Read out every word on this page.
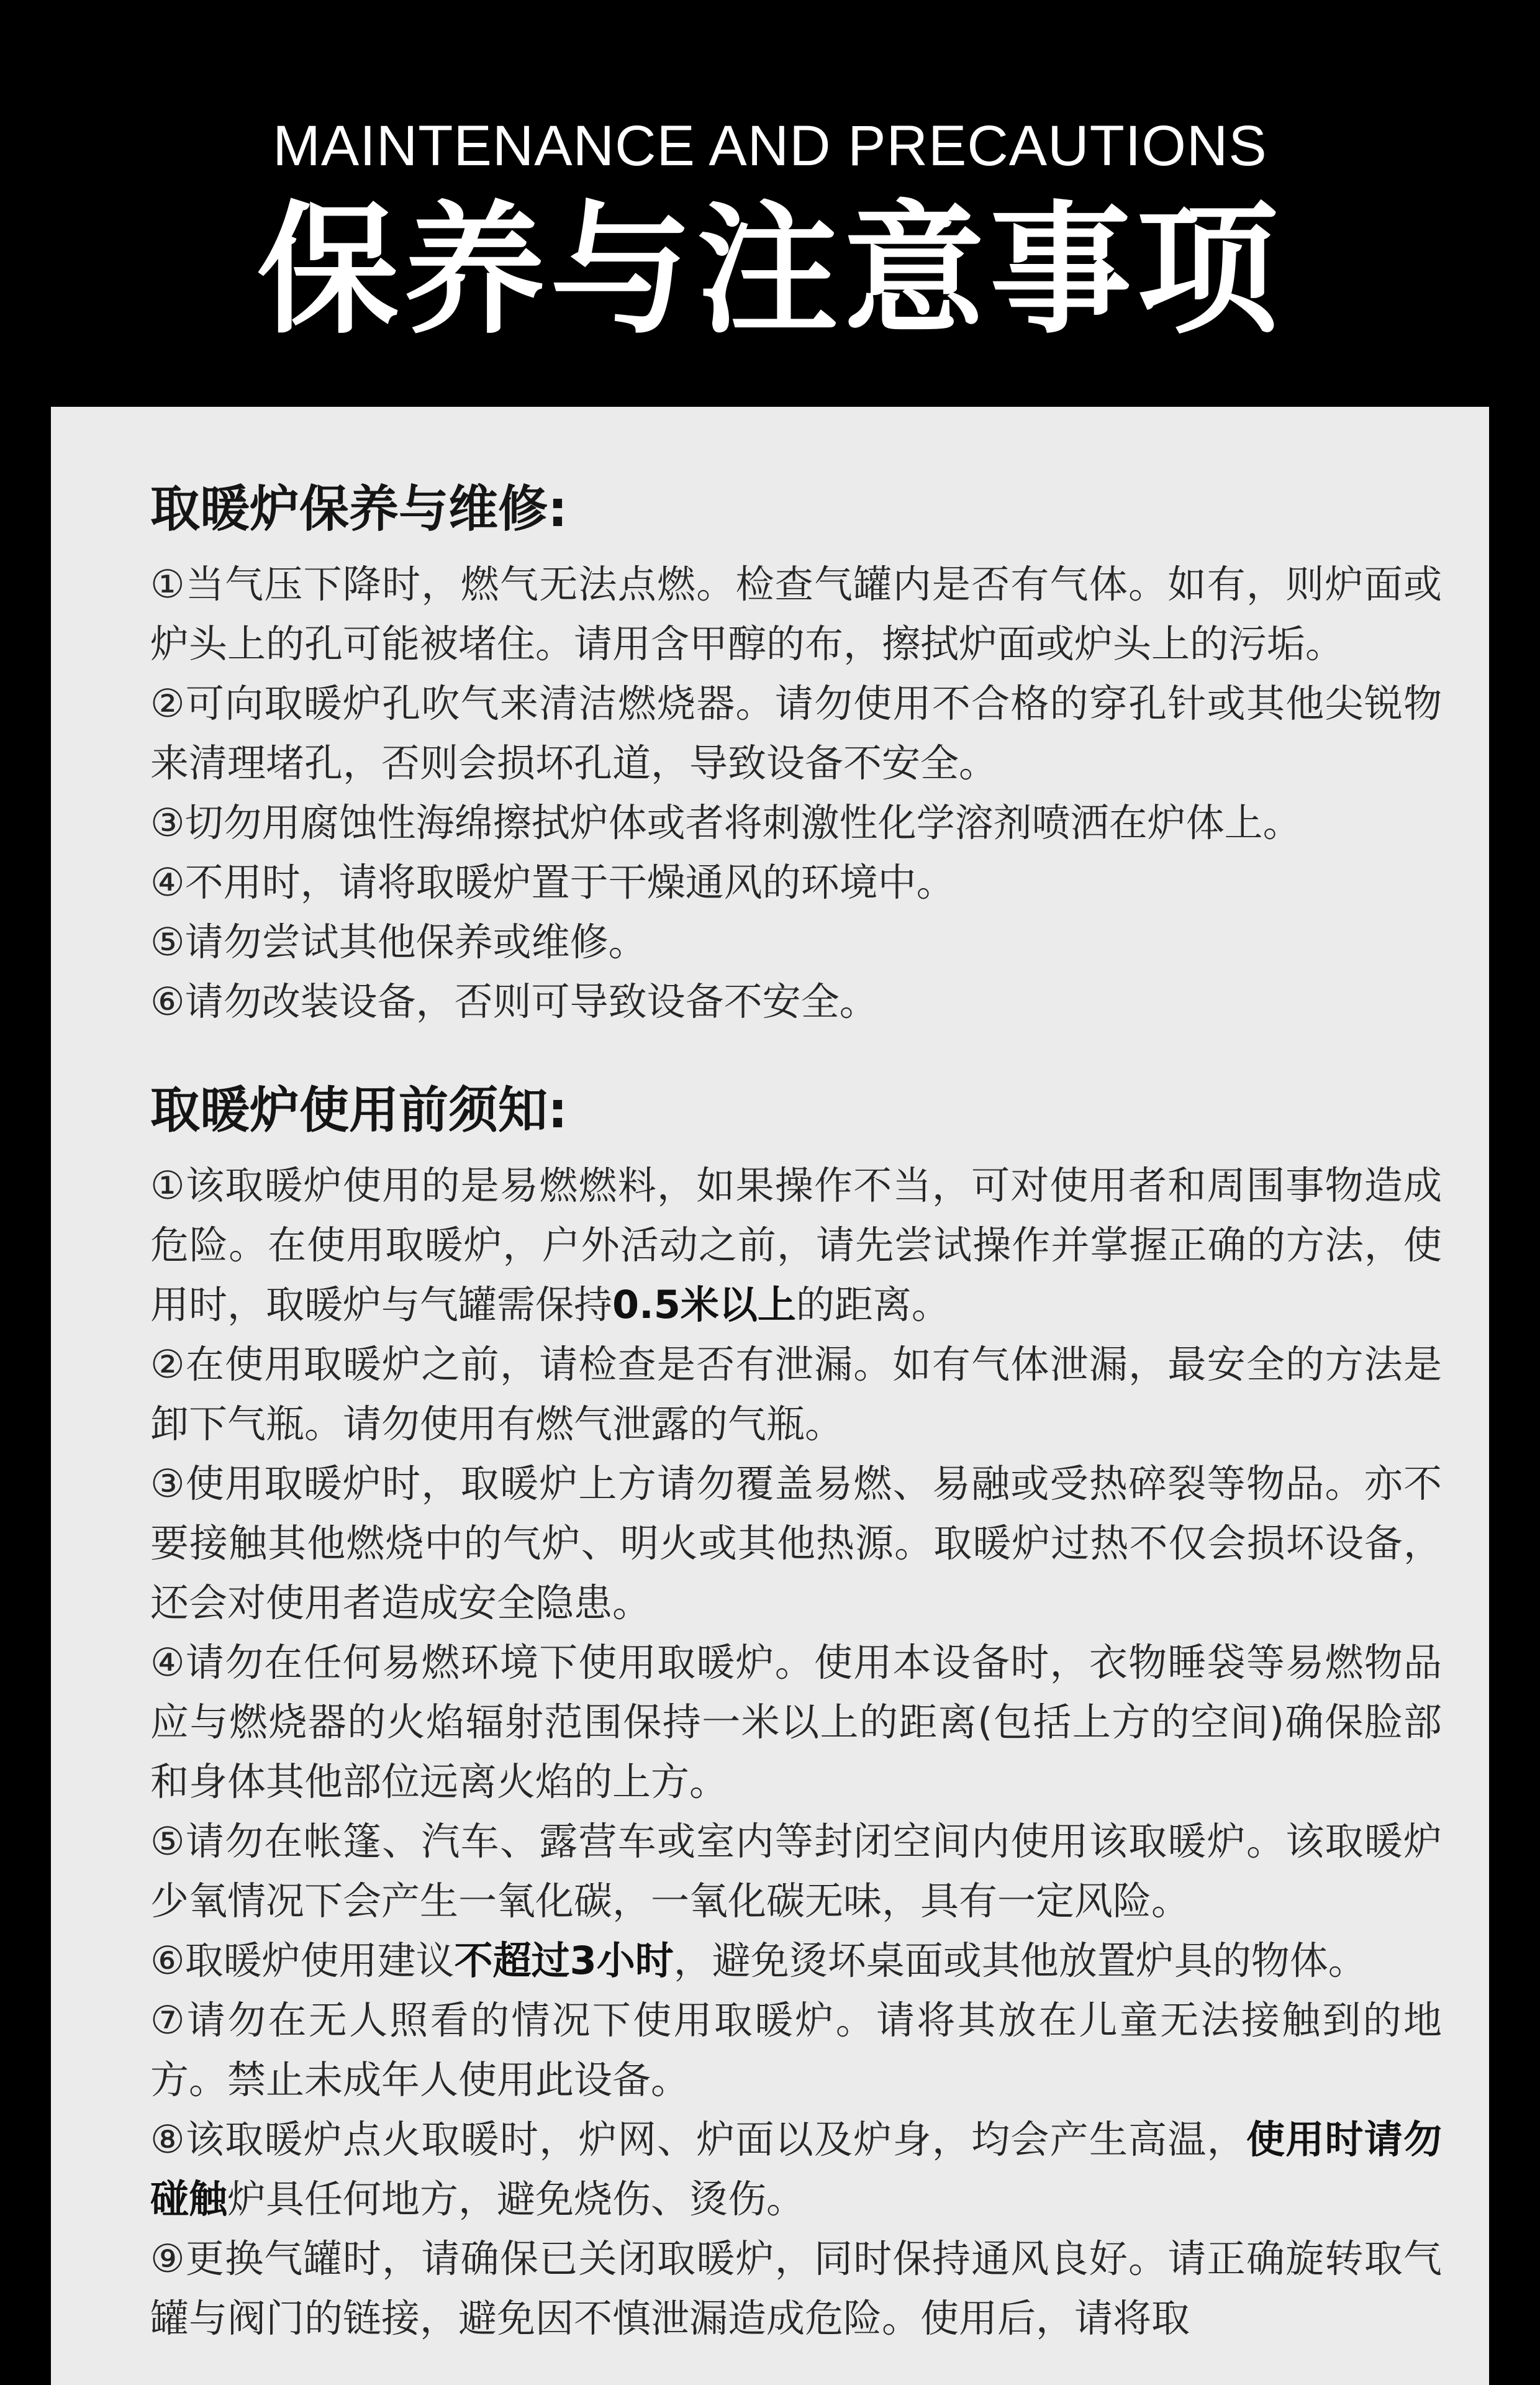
MAINTENANCE AND PRECAUTIONS
保养与注意事项
取暖炉保养与维修:

①当气压下降时，燃气无法点燃。检查气罐内是否有气体。如有，则炉面或炉头上的孔可能被堵住。请用含甲醇的布，擦拭炉面或炉头上的污垢。

②可向取暖炉孔吹气来清洁燃烧器。请勿使用不合格的穿孔针或其他尖锐物来清理堵孔，否则会损坏孔道，导致设备不安全。

③切勿用腐蚀性海绵擦拭炉体或者将刺激性化学溶剂喷洒在炉体上。

④不用时，请将取暖炉置于干燥通风的环境中。

⑤请勿尝试其他保养或维修。

⑥请勿改装设备，否则可导致设备不安全。

取暖炉使用前须知:

①该取暖炉使用的是易燃燃料，如果操作不当，可对使用者和周围事物造成危险。在使用取暖炉，户外活动之前，请先尝试操作并掌握正确的方法，使用时，取暖炉与气罐需保持0.5米以上的距离。

②在使用取暖炉之前，请检查是否有泄漏。如有气体泄漏，最安全的方法是卸下气瓶。请勿使用有燃气泄露的气瓶。

③使用取暖炉时，取暖炉上方请勿覆盖易燃、易融或受热碎裂等物品。亦不要接触其他燃烧中的气炉、明火或其他热源。取暖炉过热不仅会损坏设备，还会对使用者造成安全隐患。

④请勿在任何易燃环境下使用取暖炉。使用本设备时，衣物睡袋等易燃物品应与燃烧器的火焰辐射范围保持一米以上的距离(包括上方的空间)确保脸部和身体其他部位远离火焰的上方。

⑤请勿在帐篷、汽车、露营车或室内等封闭空间内使用该取暖炉。该取暖炉少氧情况下会产生一氧化碳，一氧化碳无味，具有一定风险。

⑥取暖炉使用建议不超过3小时，避免烫坏桌面或其他放置炉具的物体。

⑦请勿在无人照看的情况下使用取暖炉。请将其放在儿童无法接触到的地方。禁止未成年人使用此设备。

⑧该取暖炉点火取暖时，炉网、炉面以及炉身，均会产生高温，使用时请勿碰触炉具任何地方，避免烧伤、烫伤。

⑨更换气罐时，请确保已关闭取暖炉，同时保持通风良好。请正确旋转取气罐与阀门的链接，避免因不慎泄漏造成危险。使用后，请将取
